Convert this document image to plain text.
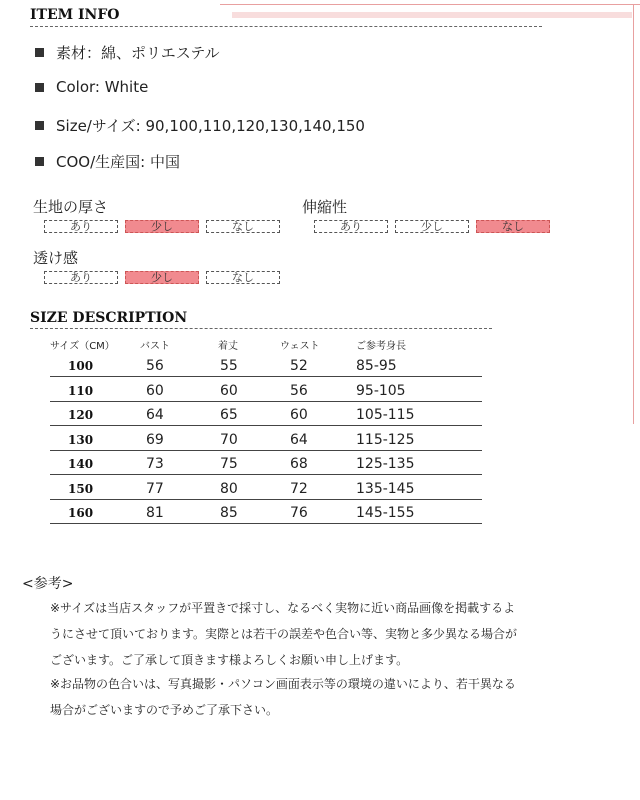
ITEM INFO
素材：綿、ポリエステル
Color: White
Size/サイズ: 90,100,110,120,130,140,150
COO/生産国: 中国
生地の厚さ
あり	少し	なし
伸縮性
あり	少し	なし
透け感
あり	少し	なし
SIZE DESCRIPTION
サイズ（CM）	バスト	着丈	ウェスト	ご参考身長
100	56	55	52	85-95
110	60	60	56	95-105
120	64	65	60	105-115
130	69	70	64	115-125
140	73	75	68	125-135
150	77	80	72	135-145
160	81	85	76	145-155
<参考>
※サイズは当店スタッフが平置きで採寸し、なるべく実物に近い商品画像を掲載するよ
うにさせて頂いております。実際とは若干の誤差や色合い等、実物と多少異なる場合が
ございます。ご了承して頂きます様よろしくお願い申し上げます。
※お品物の色合いは、写真撮影・パソコン画面表示等の環境の違いにより、若干異なる
場合がございますので予めご了承下さい。
